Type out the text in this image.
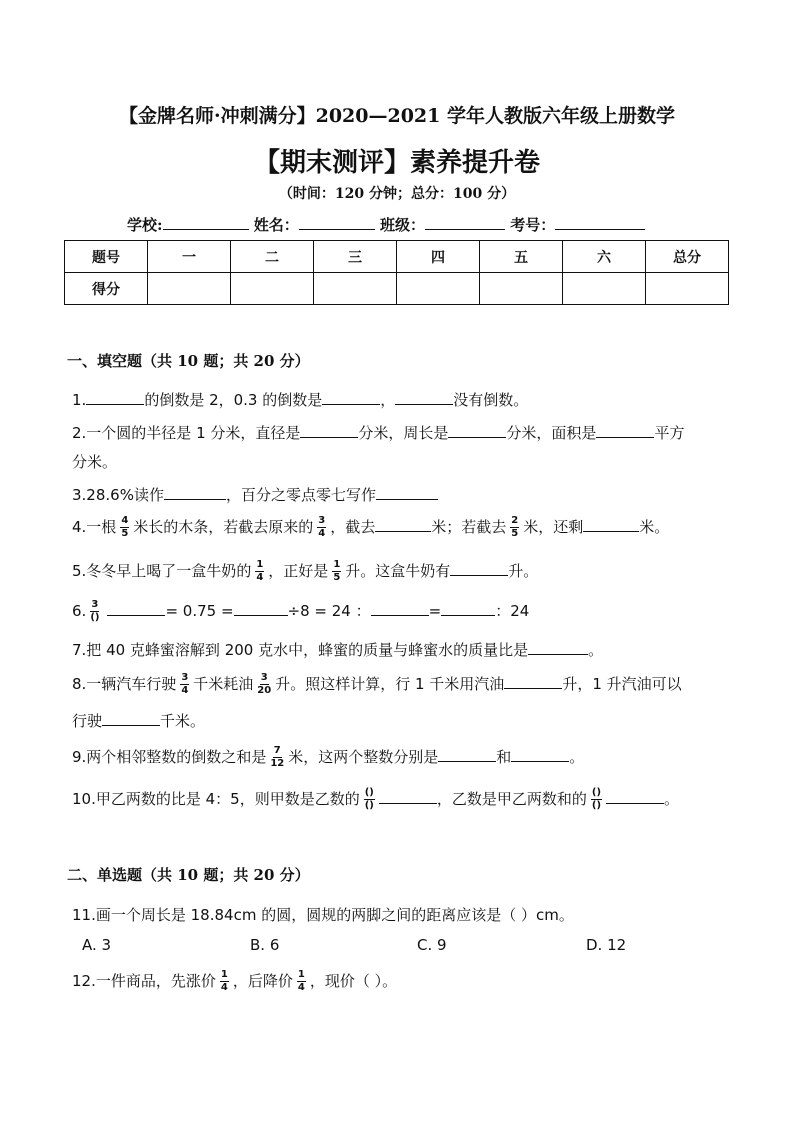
【金牌名师·冲刺满分】2020—2021 学年人教版六年级上册数学
【期末测评】素养提升卷
（时间：120 分钟；总分：100 分）
学校:	姓名：	班级：	考号：
题号	一	二	三	四	五	六	总分
得分							
一、填空题（共 10 题；共 20 分）
1.	的倒数是 2，0.3 的倒数是	，	没有倒数。
2.一个圆的半径是 1 分米，直径是	分米，周长是	分米，面积是	平方
分米。
3.28.6%读作	，百分之零点零七写作
4.一根 $\frac{4}{5}$ 米长的木条，若截去原来的 $\frac{3}{4}$ ，截去	米；若截去 $\frac{2}{5}$ 米，还剩	米。
5.冬冬早上喝了一盒牛奶的 $\frac{1}{4}$ ，正好是 $\frac{1}{5}$ 升。这盒牛奶有	升。
6. $\frac{3}{()}$	= 0.75 =	÷8 = 24 ：	=	：24
7.把 40 克蜂蜜溶解到 200 克水中，蜂蜜的质量与蜂蜜水的质量比是	。
8.一辆汽车行驶 $\frac{3}{4}$ 千米耗油 $\frac{3}{20}$ 升。照这样计算，行 1 千米用汽油	升，1 升汽油可以
行驶	千米。
9.两个相邻整数的倒数之和是 $\frac{7}{12}$ 米，这两个整数分别是	和	。
10.甲乙两数的比是 4：5，则甲数是乙数的 $\frac{()}{()}$	，乙数是甲乙两数和的 $\frac{()}{()}$	。
二、单选题（共 10 题；共 20 分）
11.画一个周长是 18.84cm 的圆，圆规的两脚之间的距离应该是（ ）cm。
A. 3	B. 6	C. 9	D. 12
12.一件商品，先涨价 $\frac{1}{4}$ ，后降价 $\frac{1}{4}$ ，现价（ ）。
